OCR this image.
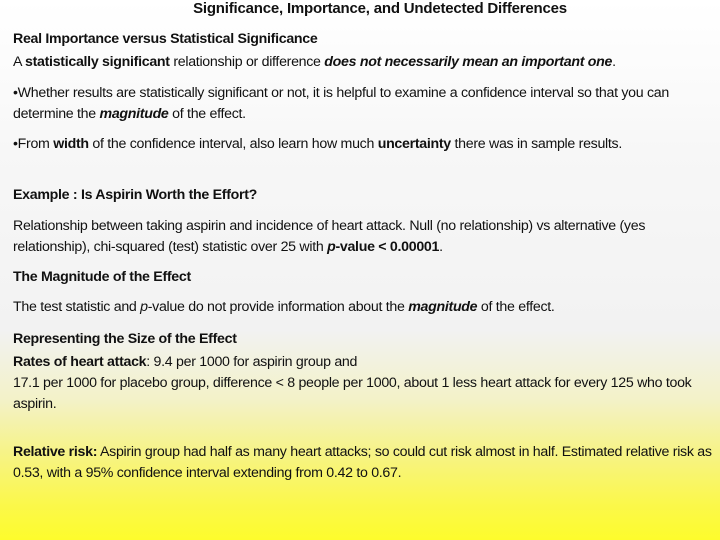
Significance, Importance, and Undetected Differences
Real Importance versus Statistical Significance
A statistically significant relationship or difference does not necessarily mean an important one.
•Whether results are statistically significant or not, it is helpful to examine a confidence interval so that you can determine the magnitude of the effect.
•From width of the confidence interval, also learn how much uncertainty there was in sample results.
Example : Is Aspirin Worth the Effort?
Relationship between taking aspirin and incidence of heart attack. Null (no relationship) vs alternative (yes relationship), chi-squared (test) statistic over 25 with p-value < 0.00001.
The Magnitude of the Effect
The test statistic and p-value do not provide information about the magnitude of the effect.
Representing the Size of the Effect
Rates of heart attack: 9.4 per 1000 for aspirin group and
17.1 per 1000 for placebo group, difference < 8 people per 1000, about 1 less heart attack for every 125 who took aspirin.
Relative risk: Aspirin group had half as many heart attacks; so could cut risk almost in half. Estimated relative risk as 0.53, with a 95% confidence interval extending from 0.42 to 0.67.
